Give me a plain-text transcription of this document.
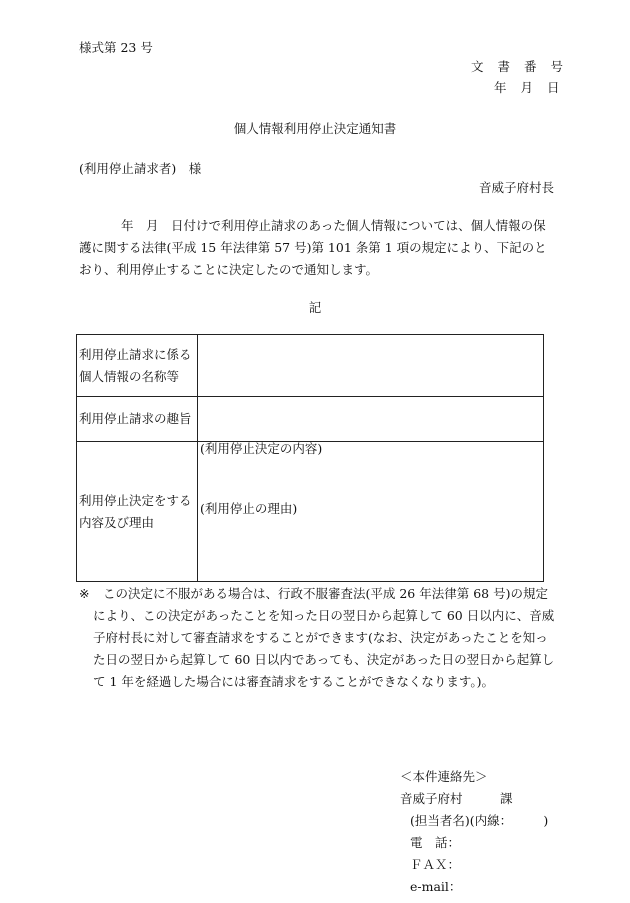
様式第 23 号
文書番号
年月日
個人情報利用停止決定通知書
(利用停止請求者)　様
音威子府村長
年　月　日付けで利用停止請求のあった個人情報については、個人情報の保護に関する法律(平成 15 年法律第 57 号)第 101 条第 1 項の規定により、下記のとおり、利用停止することに決定したので通知します。
記
利用停止請求に係る個人情報の名称等	
利用停止請求の趣旨	
利用停止決定をする内容及び理由	(利用停止決定の内容)
(利用停止の理由)
※	この決定に不服がある場合は、行政不服審査法(平成 26 年法律第 68 号)の規定により、この決定があったことを知った日の翌日から起算して 60 日以内に、音威子府村長に対して審査請求をすることができます(なお、決定があったことを知った日の翌日から起算して 60 日以内であっても、決定があった日の翌日から起算して 1 年を経過した場合には審査請求をすることができなくなります。)。
＜本件連絡先＞
音威子府村　　　課
(担当者名)(内線：　　　)
電　話：
ＦＡＸ：
e-mail：
